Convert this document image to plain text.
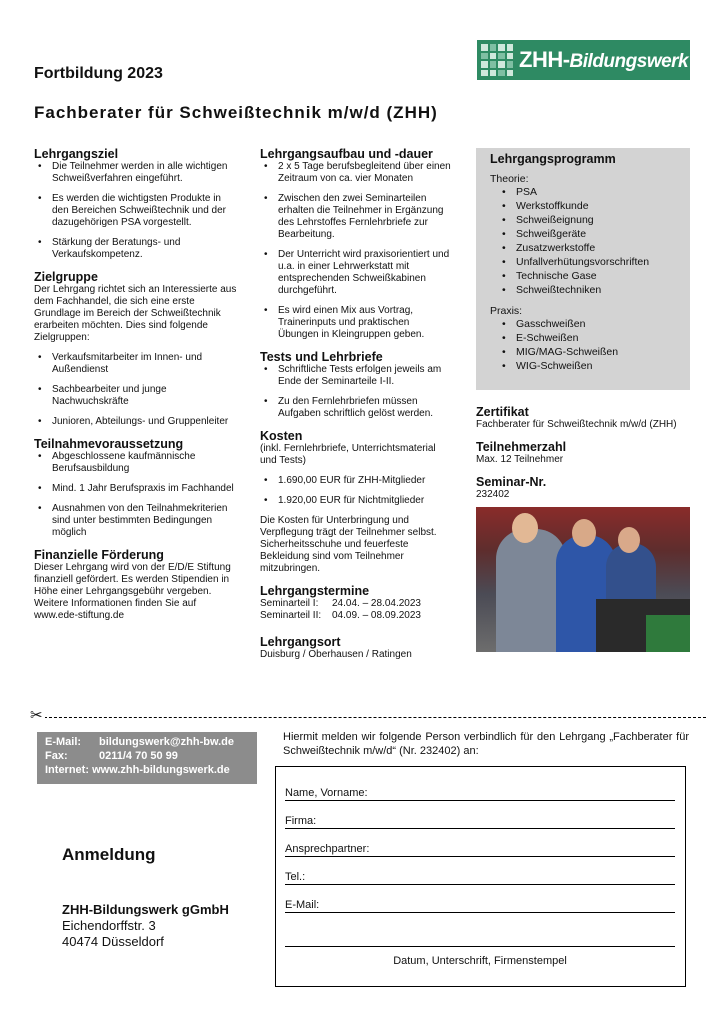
ZHH-Bildungswerk
Fortbildung 2023
Fachberater für Schweißtechnik m/w/d (ZHH)
Lehrgangsziel
• Die Teilnehmer werden in alle wichtigen Schweißverfahren eingeführt.
• Es werden die wichtigsten Produkte in den Bereichen Schweißtechnik und der dazugehörigen PSA vorgestellt.
• Stärkung der Beratungs- und Verkaufskompetenz.
Zielgruppe

Der Lehrgang richtet sich an Interessierte aus dem Fachhandel, die sich eine erste Grundlage im Bereich der Schweißtechnik erarbeiten möchten. Dies sind folgende Zielgruppen:

• Verkaufsmitarbeiter im Innen- und Außendienst
• Sachbearbeiter und junge Nachwuchskräfte
• Junioren, Abteilungs- und Gruppenleiter
Teilnahmevoraussetzung
• Abgeschlossene kaufmännische Berufsausbildung
• Mind. 1 Jahr Berufspraxis im Fachhandel
• Ausnahmen von den Teilnahmekriterien sind unter bestimmten Bedingungen möglich
Finanzielle Förderung

Dieser Lehrgang wird von der E/D/E Stiftung finanziell gefördert. Es werden Stipendien in Höhe einer Lehrgangsgebühr vergeben. Weitere Informationen finden Sie auf www.ede-stiftung.de

Lehrgangsaufbau und -dauer
• 2 x 5 Tage berufsbegleitend über einen Zeitraum von ca. vier Monaten
• Zwischen den zwei Seminarteilen erhalten die Teilnehmer in Ergänzung des Lehrstoffes Fernlehrbriefe zur Bearbeitung.
• Der Unterricht wird praxisorientiert und u.a. in einer Lehrwerkstatt mit entsprechenden Schweißkabinen durchgeführt.
• Es wird einen Mix aus Vortrag, Trainerinputs und praktischen Übungen in Kleingruppen geben.
Tests und Lehrbriefe
• Schriftliche Tests erfolgen jeweils am Ende der Seminarteile I-II.
• Zu den Fernlehrbriefen müssen Aufgaben schriftlich gelöst werden.
Kosten

(inkl. Fernlehrbriefe, Unterrichtsmaterial und Tests)

• 1.690,00 EUR für ZHH-Mitglieder
• 1.920,00 EUR für Nichtmitglieder

Die Kosten für Unterbringung und Verpflegung trägt der Teilnehmer selbst. Sicherheitsschuhe und feuerfeste Bekleidung sind vom Teilnehmer mitzubringen.

Lehrgangstermine
Seminarteil I:	24.04. – 28.04.2023
Seminarteil II:	04.09. – 08.09.2023
Lehrgangsort

Duisburg / Oberhausen / Ratingen

Lehrgangsprogramm
Theorie:
• PSA
• Werkstoffkunde
• Schweißeignung
• Schweißgeräte
• Zusatzwerkstoffe
• Unfallverhütungsvorschriften
• Technische Gase
• Schweißtechniken
Praxis:
• Gasschweißen
• E-Schweißen
• MIG/MAG-Schweißen
• WIG-Schweißen
Zertifikat

Fachberater für Schweißtechnik m/w/d (ZHH)

Teilnehmerzahl

Max. 12 Teilnehmer

Seminar-Nr.

232402

✂
E-Mail:	bildungswerk@zhh-bw.de
Fax:	0211/4 70 50 99
Internet:
www.zhh-bildungswerk.de
Hiermit melden wir folgende Person verbindlich für den Lehrgang „Fachberater für Schweißtechnik m/w/d“ (Nr. 232402) an:
Anmeldung
ZHH-Bildungswerk gGmbH
Eichendorffstr. 3
40474 Düsseldorf
Name, Vorname:
Firma:
Ansprechpartner:
Tel.:
E-Mail:
Datum, Unterschrift, Firmenstempel
